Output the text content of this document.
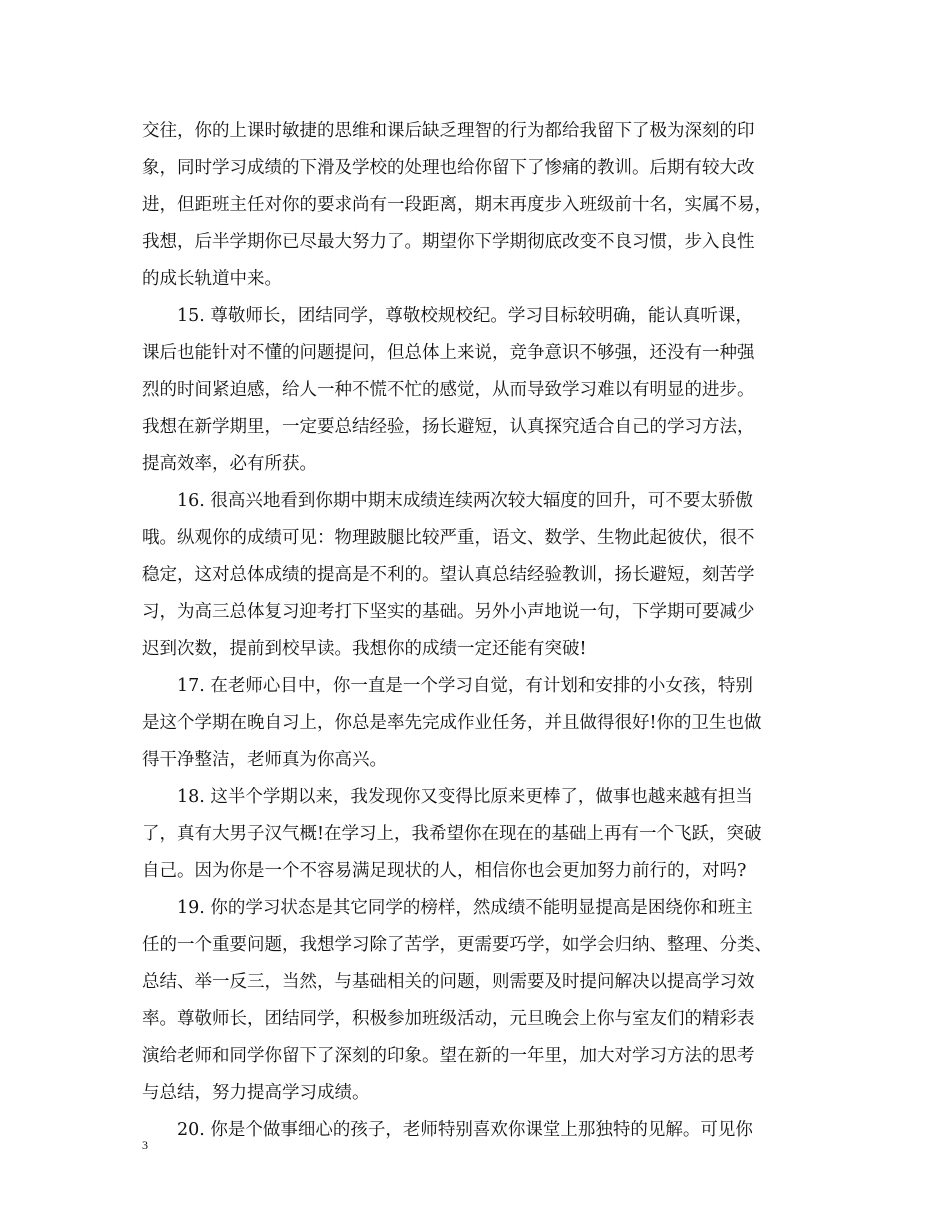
交往，你的上课时敏捷的思维和课后缺乏理智的行为都给我留下了极为深刻的印
象，同时学习成绩的下滑及学校的处理也给你留下了惨痛的教训。后期有较大改
进，但距班主任对你的要求尚有一段距离，期末再度步入班级前十名，实属不易，
我想，后半学期你已尽最大努力了。期望你下学期彻底改变不良习惯，步入良性
的成长轨道中来。
15. 尊敬师长，团结同学，尊敬校规校纪。学习目标较明确，能认真听课，
课后也能针对不懂的问题提问，但总体上来说，竞争意识不够强，还没有一种强
烈的时间紧迫感，给人一种不慌不忙的感觉，从而导致学习难以有明显的进步。
我想在新学期里，一定要总结经验，扬长避短，认真探究适合自己的学习方法，
提高效率，必有所获。
16. 很高兴地看到你期中期末成绩连续两次较大辐度的回升，可不要太骄傲
哦。纵观你的成绩可见：物理跛腿比较严重，语文、数学、生物此起彼伏，很不
稳定，这对总体成绩的提高是不利的。望认真总结经验教训，扬长避短，刻苦学
习，为高三总体复习迎考打下坚实的基础。另外小声地说一句，下学期可要减少
迟到次数，提前到校早读。我想你的成绩一定还能有突破!
17. 在老师心目中，你一直是一个学习自觉，有计划和安排的小女孩，特别
是这个学期在晚自习上，你总是率先完成作业任务，并且做得很好!你的卫生也做
得干净整洁，老师真为你高兴。
18. 这半个学期以来，我发现你又变得比原来更棒了，做事也越来越有担当
了，真有大男子汉气概!在学习上，我希望你在现在的基础上再有一个飞跃，突破
自己。因为你是一个不容易满足现状的人，相信你也会更加努力前行的，对吗?
19. 你的学习状态是其它同学的榜样，然成绩不能明显提高是困绕你和班主
任的一个重要问题，我想学习除了苦学，更需要巧学，如学会归纳、整理、分类、
总结、举一反三，当然，与基础相关的问题，则需要及时提问解决以提高学习效
率。尊敬师长，团结同学，积极参加班级活动，元旦晚会上你与室友们的精彩表
演给老师和同学你留下了深刻的印象。望在新的一年里，加大对学习方法的思考
与总结，努力提高学习成绩。
20. 你是个做事细心的孩子，老师特别喜欢你课堂上那独特的见解。可见你
3
